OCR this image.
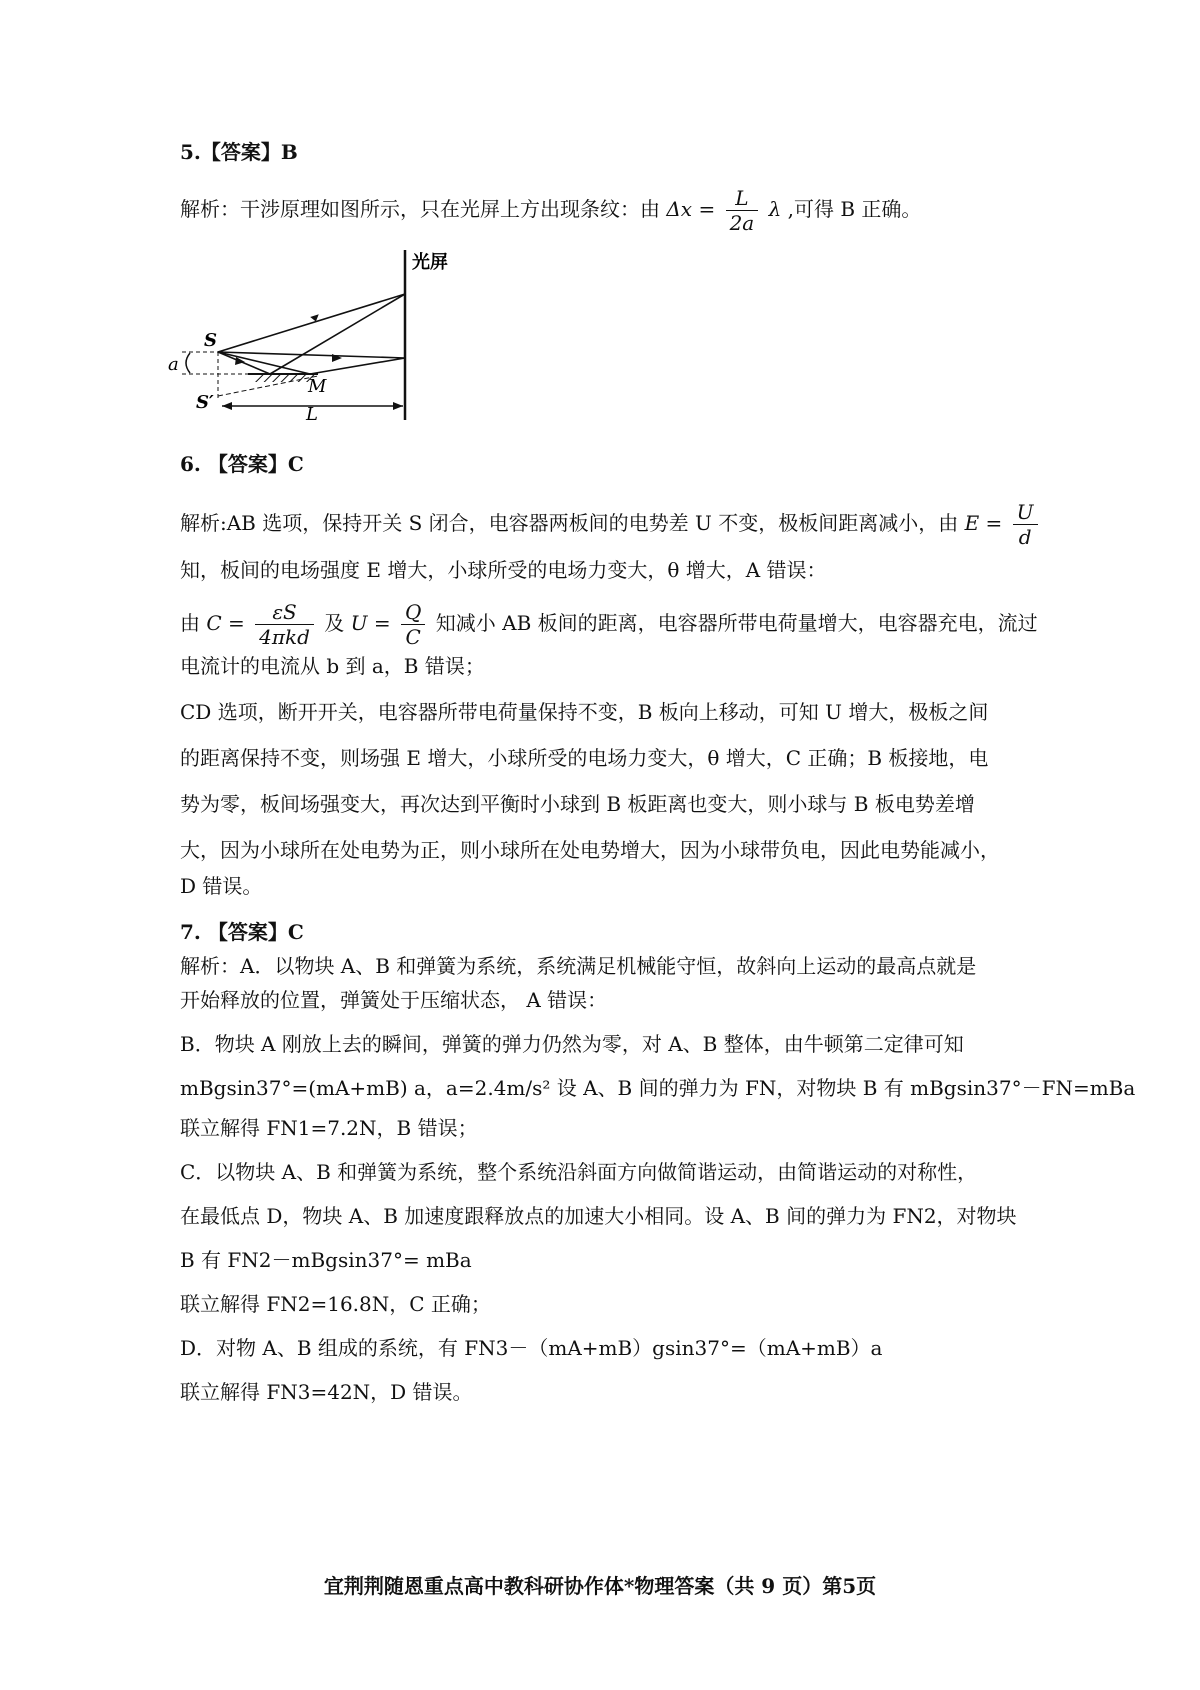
5.【答案】B
解析：干涉原理如图所示，只在光屏上方出现条纹：由 $\Delta x = \frac{L}{2a}$ λ ,可得 B 正确。
光屏
a
S
S′
M
L
6. 【答案】C
解析:AB 选项，保持开关 S 闭合，电容器两板间的电势差 U 不变，极板间距离减小，由 $E = \frac{U}{d}$
知，板间的电场强度 E 增大，小球所受的电场力变大，θ 增大，A 错误：
由 $C = \frac{\varepsilon S}{\text{4πkd}}$ 及 $U = \frac{Q}{C}$ 知减小 AB 板间的距离，电容器所带电荷量增大，电容器充电，流过
电流计的电流从 b 到 a，B 错误；
CD 选项，断开开关，电容器所带电荷量保持不变，B 板向上移动，可知 U 增大，极板之间
的距离保持不变，则场强 E 增大，小球所受的电场力变大，θ 增大，C 正确；B 板接地，电
势为零，板间场强变大，再次达到平衡时小球到 B 板距离也变大，则小球与 B 板电势差增
大，因为小球所在处电势为正，则小球所在处电势增大，因为小球带负电，因此电势能减小，
D 错误。
7. 【答案】C
解析：A．以物块 A、B 和弹簧为系统，系统满足机械能守恒，故斜向上运动的最高点就是
开始释放的位置，弹簧处于压缩状态， A 错误：
B．物块 A 刚放上去的瞬间，弹簧的弹力仍然为零，对 A、B 整体，由牛顿第二定律可知
mBgsin37°=(mA+mB) a，a=2.4m/s² 设 A、B 间的弹力为 FN，对物块 B 有 mBgsin37°－FN=mBa
联立解得 FN1=7.2N，B 错误；
C．以物块 A、B 和弹簧为系统，整个系统沿斜面方向做简谐运动，由简谐运动的对称性，
在最低点 D，物块 A、B 加速度跟释放点的加速大小相同。设 A、B 间的弹力为 FN2，对物块
B 有 FN2－mBgsin37°= mBa
联立解得 FN2=16.8N，C 正确；
D．对物 A、B 组成的系统，有 FN3－（mA+mB）gsin37°=（mA+mB）a
联立解得 FN3=42N，D 错误。
宜荆荆随恩重点高中教科研协作体*物理答案（共 9 页）第5页
